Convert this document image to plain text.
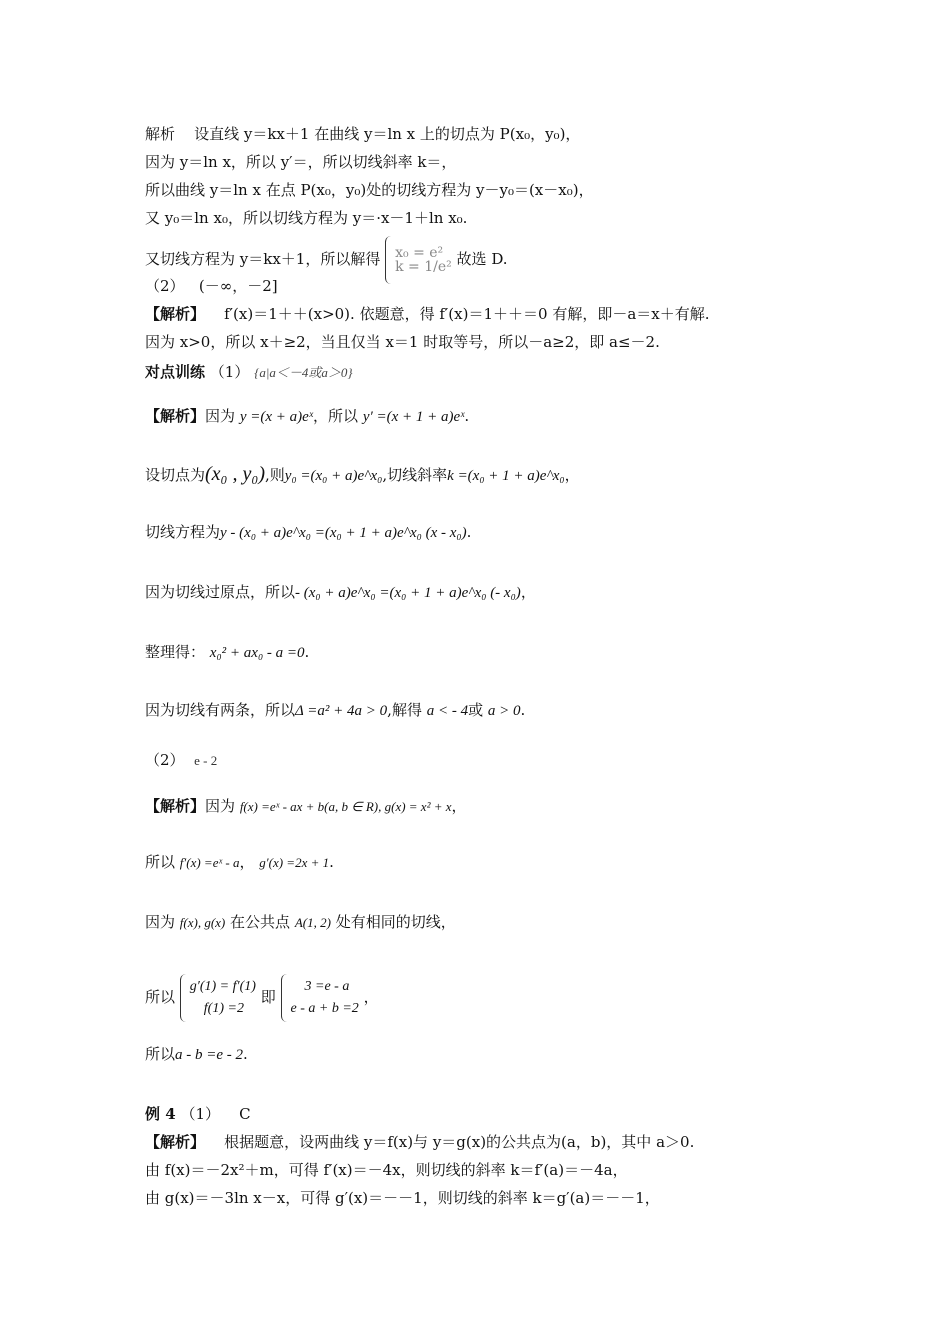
解析 设直线 y＝kx＋1 在曲线 y＝ln x 上的切点为 P(x₀，y₀)，
因为 y＝ln x，所以 y′＝，所以切线斜率 k＝，
所以曲线 y＝ln x 在点 P(x₀，y₀)处的切线方程为 y－y₀＝(x－x₀)，
又 y₀＝ln x₀，所以切线方程为 y＝·x－1＋ln x₀.
又切线方程为 y＝kx＋1，所以解得 x₀ = e²
k = 1/e² 故选 D.
（2） (－∞，－2]
【解析】 f′(x)＝1＋＋(x>0). 依题意，得 f′(x)＝1＋＋＝0 有解，即－a＝x＋有解.
因为 x>0，所以 x＋≥2，当且仅当 x＝1 时取等号，所以－a≥2，即 a≤－2.
对点训练 （1） {a|a＜－4或a＞0}
【解析】因为 y =(x + a)eˣ，所以 y′ =(x + 1 + a)eˣ.
设切点为(x₀ , y₀),则y₀ =(x₀ + a)e^x₀,切线斜率k =(x₀ + 1 + a)e^x₀，
切线方程为y - (x₀ + a)e^x₀ =(x₀ + 1 + a)e^x₀ (x - x₀).
因为切线过原点，所以- (x₀ + a)e^x₀ =(x₀ + 1 + a)e^x₀ (- x₀)，
整理得： x₀² + ax₀ - a =0.
因为切线有两条，所以Δ =a² + 4a > 0,解得 a < - 4或 a > 0.
（2） e - 2
【解析】因为 f(x) =eˣ - ax + b(a, b ∈ R), g(x) = x² + x，
所以 f′(x) =eˣ - a， g′(x) =2x + 1.
因为 f(x), g(x) 在公共点 A(1, 2) 处有相同的切线，
所以
g′(1) = f′(1)
f(1) =2
即
3 =e - a
e - a + b =2
，
所以a - b =e - 2.
例 4 （1） C
【解析】 根据题意，设两曲线 y＝f(x)与 y＝g(x)的公共点为(a，b)，其中 a＞0.
由 f(x)＝－2x²＋m，可得 f′(x)＝－4x，则切线的斜率 k＝f′(a)＝－4a，
由 g(x)＝－3ln x－x，可得 g′(x)＝－－1，则切线的斜率 k＝g′(a)＝－－1，
